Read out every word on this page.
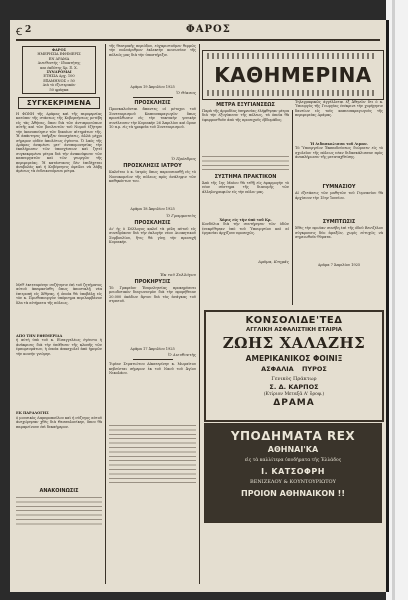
Ꞓ 2	ΦΑΡΟΣ
ΦΑΡΟΣ
ΗΜΕΡΗΣΙΑ ΕΦΗΜΕΡΙΣ
ΕΝ ΔΡΑΜΑ
Διευθυντής - Ιδιοκτήτης
και ἐκδότης Χρ. Ξ. Χ.
ΣΥΝΔΡΟΜΑΙ
ΕΤΗΣΙΑ Δρχ. 100
ΕΞΑΜΗΝΟΣ » 50
Διὰ τὸ ἐξωτερικὸν
50 φράγκα
ΣΥΓΚΕΚΡΙΜΕΝΑ

Η ΦΩΝΗ τῆς Δράμας καὶ τῆς περιφερείας κατόπιν τῆς στάσεως τῆς Κυβερνήσεως μετέβη εἰς τὰς Ἀθήνας, ὅπου διὰ τῶν ἀντιπροσώπων αὐτῆς καὶ τῶν βουλευτῶν τοῦ Νομοῦ ἐζήτησε τὴν ἱκανοποίησιν τῶν δικαίων αἰτημάτων τῆς. Ἡ ἀπάντησις ὑπῆρξεν ὑποσχέσεις, ἀλλὰ μέχρι σήμερον οὐδὲν ἀπολύτως ἐγένετο. Ὁ λαὸς τῆς Δράμας ἀναμένει μετ' ἀνυπομονησίας τὴν ἐκπλήρωσιν τῶν ὑποσχέσεων καὶ ζητεῖ συγκεκριμένα μέτρα διὰ τὴν ἀνακούφισιν τῶν καπνεργατῶν καὶ τῶν γεωργῶν τῆς περιφερείας. Ἡ κατάστασις δὲν ἐπιδέχεται ἀναβολὰς καὶ ἡ Κυβέρνησις ὀφείλει νὰ λάβῃ ἀμέσως τὰ ἐνδεικνυόμενα μέτρα.

Μεθ' ἐκτεταμένην συζήτησιν ἐπὶ τοῦ ζητήματος αὐτοῦ ἀπεφασίσθη ὅπως ἀποσταλῇ νέα ἐπιτροπὴ εἰς Ἀθήνας, ἡ ὁποία θὰ ὑποβάλῃ εἰς τὸν κ. Πρωθυπουργὸν ὑπόμνημα περιλαμβάνον ὅλα τὰ αἰτήματα τῆς πόλεως.

ΑΠΟ ΤΗΝ ΕΦΗΜΕΡΙΔΑ

ἡ αὐτὴ ὑπὸ τοῦ κ. Εἰσαγγελέως ἐγένετο ἡ ἀνάκρισις διὰ τὴν ὑπόθεσιν τῆς κλοπῆς τῶν ἐμπορευμάτων, ἡ ὁποία ἀπασχολεῖ ἀπὸ ἡμερῶν τὴν κοινὴν γνώμην.

ΕΚ ΠΑΡΑΛΟΓΗΣ

ὁ μουσικὸς Λαμπροπούλου καὶ ἡ σύζυγος αὐτοῦ ἀνεχώρησαν χθὲς διὰ Θεσσαλονίκην, ὅπου θὰ παραμείνουν ἐπὶ δεκαήμερον.

ΑΝΑΚΟΙΝΩΣΙΣ

τῆς θεατρικῆς περιόδου, εὐχαριστοῦμεν θερμῶς τὴν πολυάριθμον ἐκλεκτὴν κοινωνίαν τῆς πόλεώς μας διὰ τὴν ὑποστήριξιν.

Δρᾶμα 19 Ἀπριλίου 1925
Ὁ Θίασος
ΠΡΟΣΚΛΗΣΙΣ

Προσκαλοῦνται ἅπαντες οἱ μέτοχοι τοῦ Συνεταιρισμοῦ Καπνοπαραγωγῶν ὅπως προσέλθωσιν εἰς τὴν τακτικὴν γενικὴν συνέλευσιν τὴν Κυριακὴν 26 Ἀπριλίου καὶ ὥραν 10 π.μ. εἰς τὰ γραφεῖα τοῦ Συνεταιρισμοῦ.

Ὁ Πρόεδρος
ΠΡΟΣΚΛΗΣΙΣ ΙΑΤΡΟΥ

Καλεῖται ὁ κ. ἰατρὸς ὅπως παρουσιασθῇ εἰς τὸ Νοσοκομεῖον τῆς πόλεως πρὸς ἀνάληψιν τῶν καθηκόντων του.

Δρᾶμα 18 Ἀπριλίου 1925
Ὁ Γραμματεὺς
ΠΡΟΣΚΛΗΣΙΣ

Δι' ἧς ὁ Σύλλογος καλεῖ τὰ μέλη αὐτοῦ εἰς συνεδρίασιν διὰ τὴν ἐκλογὴν νέου Διοικητικοῦ Συμβουλίου, ἥτις θὰ γίνῃ τὴν προσεχῆ Κυριακήν.

Ἐκ τοῦ Συλλόγου
ΠΡΟΚΗΡΥΞΙΣ

Τὸ Γραφεῖον Ἐπιμελητείας προκηρύσσει μειοδοτικὸν διαγωνισμὸν διὰ τὴν προμήθειαν 20.000 ὀκάδων ἄρτου διὰ τὰς ἀνάγκας τοῦ στρατοῦ.

Δρᾶμα 17 Ἀπριλίου 1925
Ὁ Διευθυντὴς

Τιμίαν Στρατιώτου Αἰκατερίνην κ. Μωραΐτου κηδεύεται σήμερον ἐκ τοῦ Ναοῦ τοῦ Ἁγίου Νικολάου.

ΚΑΘΗΜΕΡΙΝΑ
ΜΕΤΡΑ ΕΞΥΓΙΑΝΣΕΩΣ

Παρὰ τῆς ἁρμοδίας ὑπηρεσίας ἐλήφθησαν μέτρα διὰ τὴν ἐξυγίανσιν τῆς πόλεως, τὰ ὁποῖα θὰ ἐφαρμοσθοῦν ἀπὸ τῆς προσεχοῦς ἑβδομάδος.

ΣΥΣΤΗΜΑ ΠΡΑΚΤΙΚΟΝ

Ἀπὸ τῆς 1ης Μαΐου θὰ τεθῇ εἰς ἐφαρμογὴν τὸ νέον σύστημα τῆς διανομῆς τῶν ἀλληλογραφιῶν εἰς τὴν πόλιν μας.

Χάρις εἰς τὴν ὑπὸ τοῦ Κρ.

Κονδύλια διὰ τὴν συντήρησιν τῶν ὁδῶν ἐνεκρίθησαν ὑπὸ τοῦ Ὑπουργείου καὶ αἱ ἐργασίαι ἀρχίζουν προσεχῶς.

Δρᾶμα, Κτημᾶς

Τηλεγραφικῶς ἀγγέλλεται ἐξ Ἀθηνῶν ὅτι ὁ κ. Ὑπουργὸς τῆς Γεωργίας ἐνέκρινε τὴν χορήγησιν δανείων εἰς τοὺς καπνοπαραγωγοὺς τῆς περιφερείας Δράμας.

Ἡ Διδασκαλισσα τοῦ Λιμαν.

Τὸ Ὑπουργεῖον Ἐκπαιδεύσεως διώρισεν εἰς τὸ σχολεῖον τῆς πόλεως νέαν διδασκάλισσαν πρὸς ἀναπλήρωσιν τῆς μεταταχθείσης.

ΓΥΜΝΑΣΙΟΥ

Αἱ ἐξετάσεις τῶν μαθητῶν τοῦ Γυμνασίου θὰ ἀρχίσουν τὴν 15ην Ἰουνίου.

ΣΥΜΠΤΩΣΙΣ

Χθὲς τὴν πρωΐαν συνέβη ἐπὶ τῆς ὁδοῦ Βενιζέλου σύγκρουσις δύο ἁμαξῶν, χωρὶς εὐτυχῶς νὰ σημειωθοῦν θύματα.

Δρᾶμα 7 Ἀπριλίου 1925
ΚΟΝΣΟΛΙΔΕ'ΤΕΔ
ΑΓΓΛΙΚΗ ΑΣΦΑΛΙΣΤΙΚΗ ΕΤΑΙΡΙΑ
ΖΩΗΣ ΧΑΛΑΖΗΣ
ΑΜΕΡΙΚΑΝΙΚΟΣ ΦΟΙΝΙΞ
ΑΣΦΑΛΙΑ ΠΥΡΟΣ
Γενικὸς Πράκτωρ
Σ. Δ. ΚΑΡΠΟΣ
(Κτίριον Μεταξᾶ Α' ὄροφ.)
ΔΡΑΜΑ
ΥΠΟΔΗΜΑΤΑ REX
ΑΘΗΝΑΙ'ΚΑ
εἰς τὰ καλλίτερα ὑποδήματα τῆς Ἑλλάδος
Ι. ΚΑΤΣΟΦΡΗ
ΒΕΝΙΖΕΛΟΥ & ΚΟΥΝΤΟΥΡΙΩΤΟΥ
ΠΡΟΙΟΝ ΑΘΗΝΑΙΚΟΝ !!
